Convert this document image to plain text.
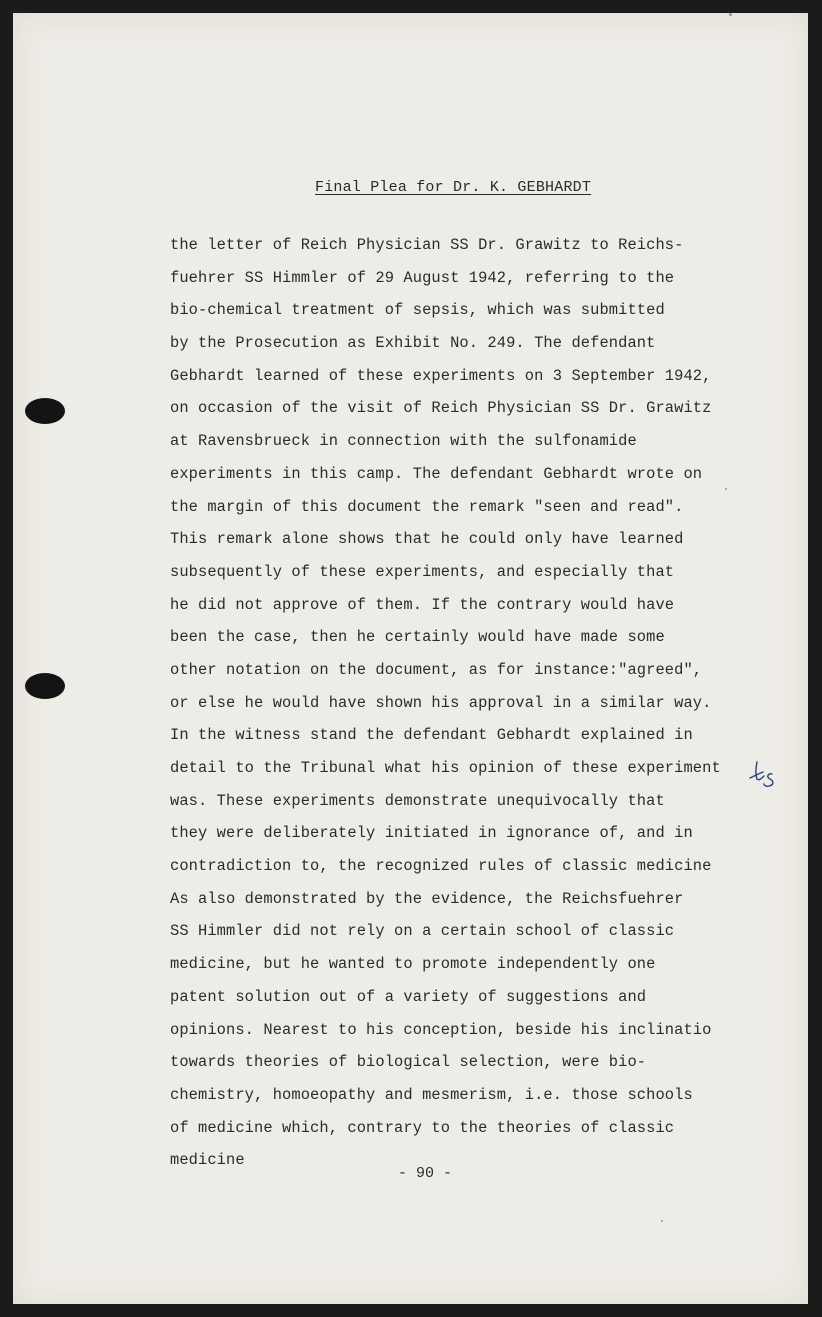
Final Plea for Dr. K. GEBHARDT
the letter of Reich Physician SS Dr. Grawitz to Reichs-
fuehrer SS Himmler of 29 August 1942, referring to the
bio-chemical treatment of sepsis, which was submitted
by the Prosecution as Exhibit No. 249. The defendant
Gebhardt learned of these experiments on 3 September 1942,
on occasion of the visit of Reich Physician SS Dr. Grawitz
at Ravensbrueck in connection with the sulfonamide
experiments in this camp. The defendant Gebhardt wrote on
the margin of this document the remark "seen and read".
This remark alone shows that he could only have learned
subsequently of these experiments, and especially that
he did not approve of them. If the contrary would have
been the case, then he certainly would have made some
other notation on the document, as for instance:"agreed",
or else he would have shown his approval in a similar way.
In the witness stand the defendant Gebhardt explained in
detail to the Tribunal what his opinion of these experiment
was. These experiments demonstrate unequivocally that
they were deliberately initiated in ignorance of, and in
contradiction to, the recognized rules of classic medicine
As also demonstrated by the evidence, the Reichsfuehrer
SS Himmler did not rely on a certain school of classic
medicine, but he wanted to promote independently one
patent solution out of a variety of suggestions and
opinions. Nearest to his conception, beside his inclinatio
towards theories of biological selection, were bio-
chemistry, homoeopathy and mesmerism, i.e. those schools
of medicine which, contrary to the theories of classic
medicine
- 90 -
